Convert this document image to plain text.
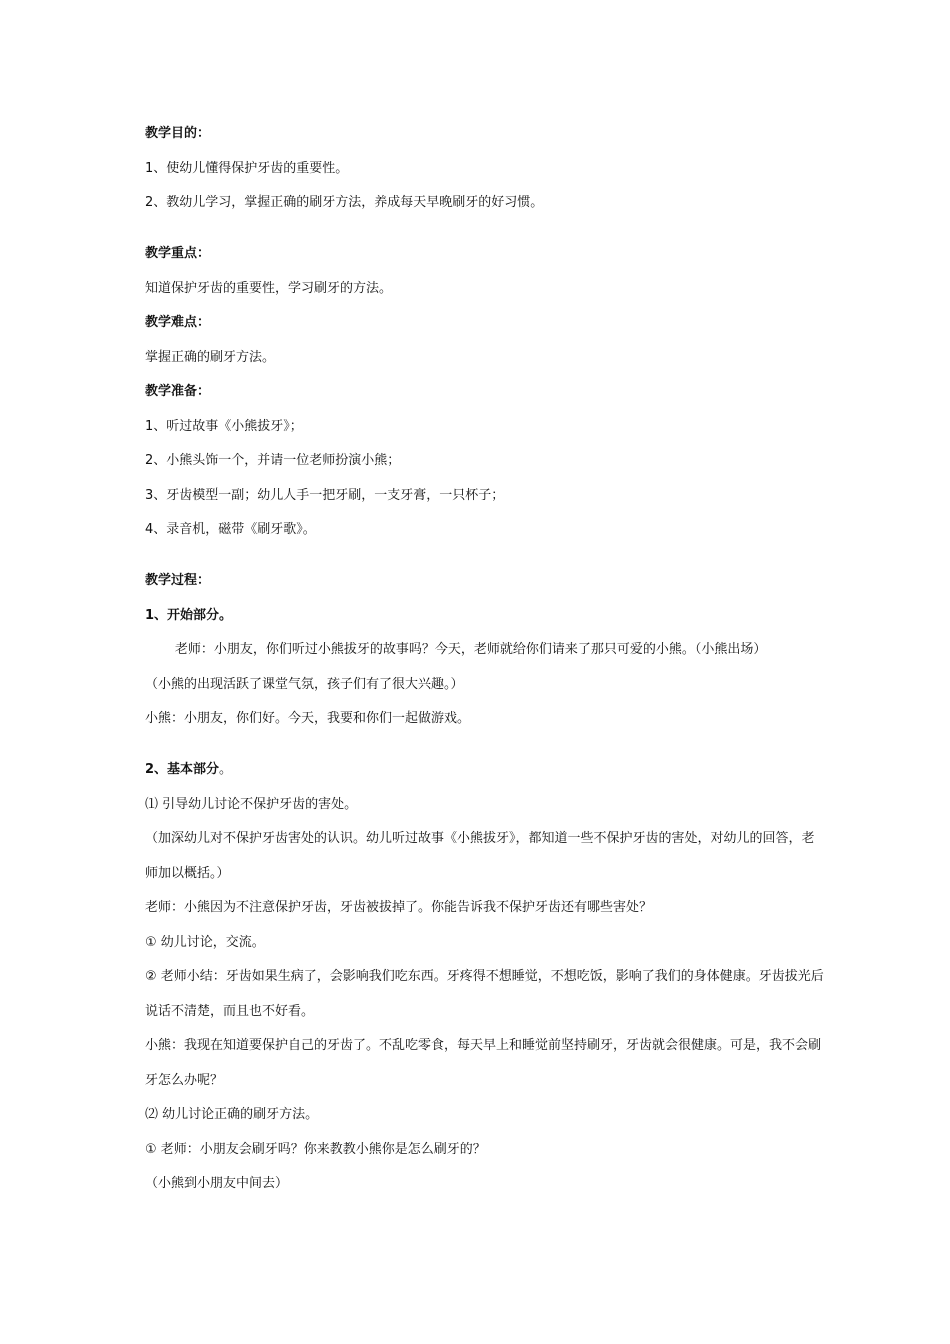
教学目的：

1、使幼儿懂得保护牙齿的重要性。

2、教幼儿学习，掌握正确的刷牙方法，养成每天早晚刷牙的好习惯。

教学重点：

知道保护牙齿的重要性，学习刷牙的方法。

教学难点：

掌握正确的刷牙方法。

教学准备：

1、听过故事《小熊拔牙》；

2、小熊头饰一个，并请一位老师扮演小熊；

3、牙齿模型一副；幼儿人手一把牙刷，一支牙膏，一只杯子；

4、录音机，磁带《刷牙歌》。

教学过程：

1、开始部分。

老师：小朋友，你们听过小熊拔牙的故事吗？今天，老师就给你们请来了那只可爱的小熊。（小熊出场）

（小熊的出现活跃了课堂气氛，孩子们有了很大兴趣。）

小熊：小朋友，你们好。今天，我要和你们一起做游戏。

2、基本部分。

⑴ 引导幼儿讨论不保护牙齿的害处。

（加深幼儿对不保护牙齿害处的认识。幼儿听过故事《小熊拔牙》，都知道一些不保护牙齿的害处，对幼儿的回答，老师加以概括。）

老师：小熊因为不注意保护牙齿，牙齿被拔掉了。你能告诉我不保护牙齿还有哪些害处？

① 幼儿讨论，交流。

② 老师小结：牙齿如果生病了，会影响我们吃东西。牙疼得不想睡觉，不想吃饭，影响了我们的身体健康。牙齿拔光后说话不清楚，而且也不好看。

小熊：我现在知道要保护自己的牙齿了。不乱吃零食，每天早上和睡觉前坚持刷牙，牙齿就会很健康。可是，我不会刷牙怎么办呢？

⑵ 幼儿讨论正确的刷牙方法。

① 老师：小朋友会刷牙吗？你来教教小熊你是怎么刷牙的？

（小熊到小朋友中间去）
